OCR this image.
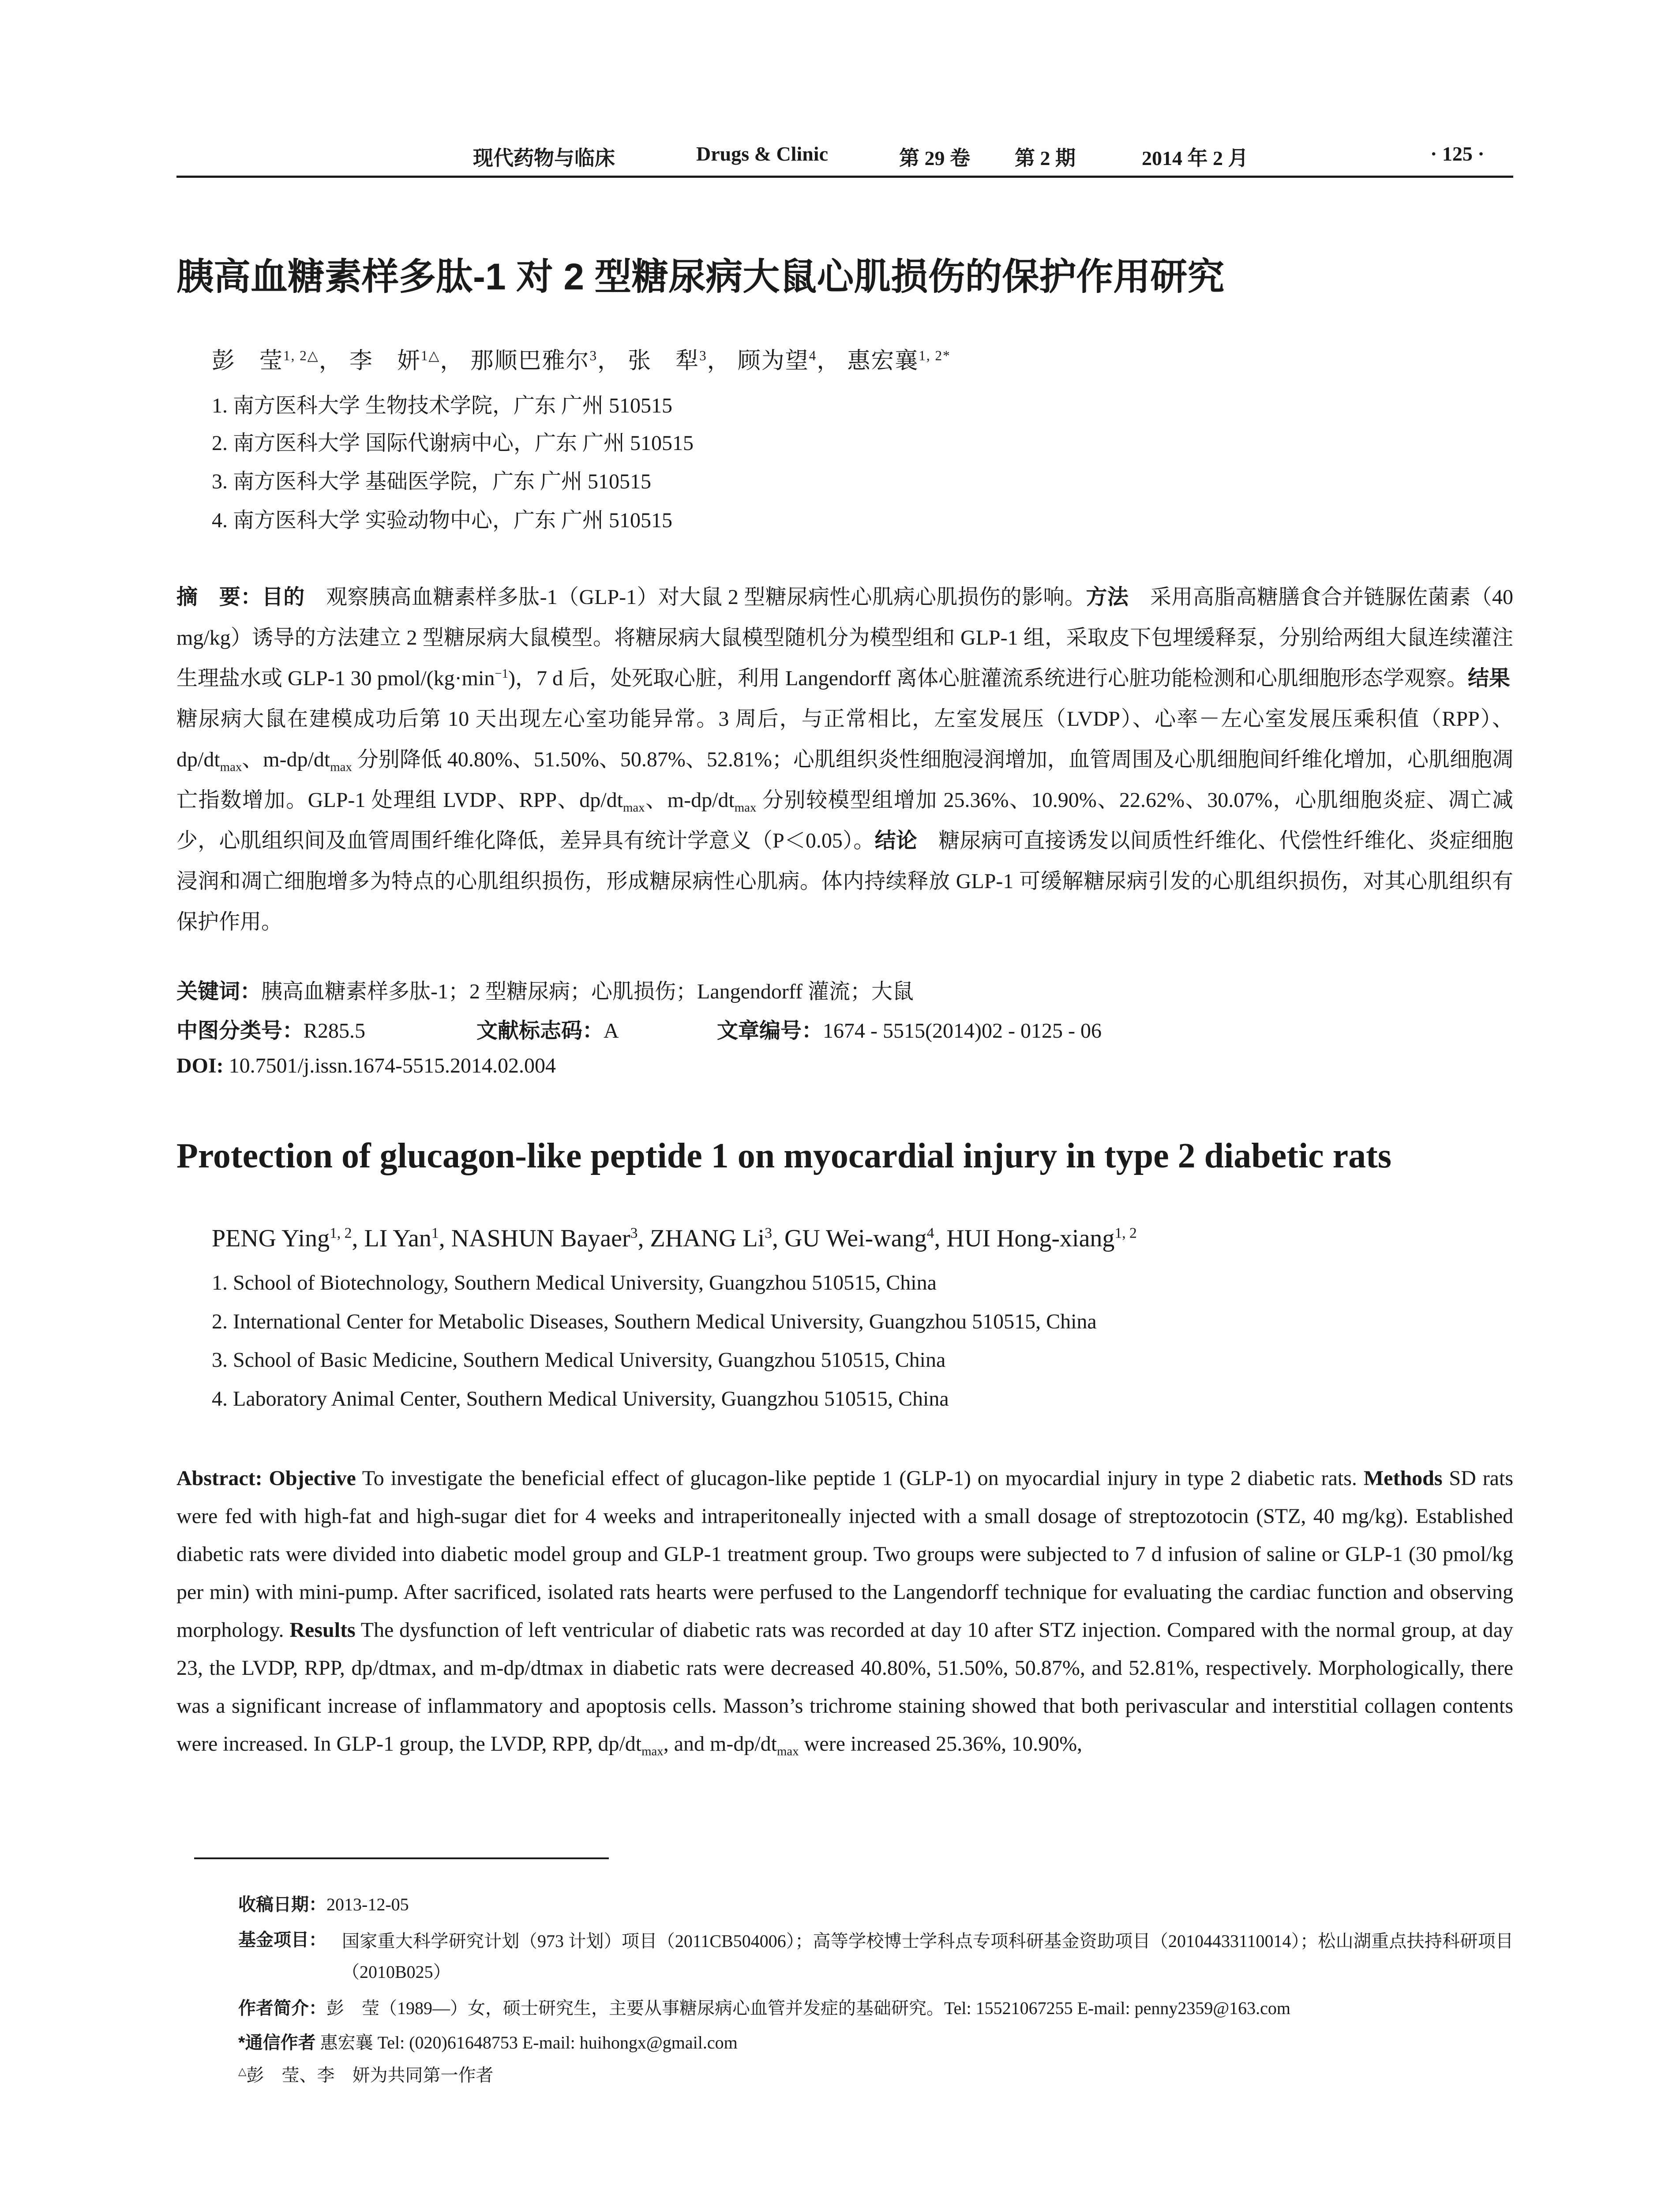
现代药物与临床	Drugs & Clinic	第 29 卷 第 2 期	2014 年 2 月	· 125 ·
胰高血糖素样多肽-1 对 2 型糖尿病大鼠心肌损伤的保护作用研究
彭　莹$^{1, 2\triangle}$， 李　妍$^{1\triangle}$， 那顺巴雅尔$^3$， 张　犁$^3$， 顾为望$^4$， 惠宏襄$^{1, 2*}$
1. 南方医科大学 生物技术学院，广东 广州 510515
2. 南方医科大学 国际代谢病中心，广东 广州 510515
3. 南方医科大学 基础医学院，广东 广州 510515
4. 南方医科大学 实验动物中心，广东 广州 510515
摘　要：目的　观察胰高血糖素样多肽-1（GLP-1）对大鼠 2 型糖尿病性心肌病心肌损伤的影响。方法　采用高脂高糖膳食合并链脲佐菌素（40 mg/kg）诱导的方法建立 2 型糖尿病大鼠模型。将糖尿病大鼠模型随机分为模型组和 GLP-1 组，采取皮下包埋缓释泵，分别给两组大鼠连续灌注生理盐水或 GLP-1 30 pmol/$(kg\cdot\min^{-1})$，7 d 后，处死取心脏，利用 Langendorff 离体心脏灌流系统进行心脏功能检测和心肌细胞形态学观察。结果　糖尿病大鼠在建模成功后第 10 天出现左心室功能异常。3 周后，与正常相比，左室发展压（LVDP）、心率－左心室发展压乘积值（RPP）、$dp/dt_{max}$、$m-dp/dt_{max}$ 分别降低 40.80%、51.50%、50.87%、52.81%；心肌组织炎性细胞浸润增加，血管周围及心肌细胞间纤维化增加，心肌细胞凋亡指数增加。GLP-1 处理组 LVDP、RPP、$dp/dt_{max}$、$m-dp/dt_{max}$ 分别较模型组增加 25.36%、10.90%、22.62%、30.07%，心肌细胞炎症、凋亡减少，心肌组织间及血管周围纤维化降低，差异具有统计学意义（P＜0.05）。结论　糖尿病可直接诱发以间质性纤维化、代偿性纤维化、炎症细胞浸润和凋亡细胞增多为特点的心肌组织损伤，形成糖尿病性心肌病。体内持续释放 GLP-1 可缓解糖尿病引发的心肌组织损伤，对其心肌组织有保护作用。
关键词：胰高血糖素样多肽-1；2 型糖尿病；心肌损伤；Langendorff 灌流；大鼠
中图分类号：R285.5	文献标志码：A	文章编号：1674 - 5515(2014)02 - 0125 - 06
DOI: 10.7501/j.issn.1674-5515.2014.02.004
Protection of glucagon-like peptide 1 on myocardial injury in type 2 diabetic rats
PENG Ying$^{1, 2}$, LI Yan$^1$, NASHUN Bayaer$^3$, ZHANG Li$^3$, GU Wei-wang$^4$, HUI Hong-xiang$^{1, 2}$
1. School of Biotechnology, Southern Medical University, Guangzhou 510515, China
2. International Center for Metabolic Diseases, Southern Medical University, Guangzhou 510515, China
3. School of Basic Medicine, Southern Medical University, Guangzhou 510515, China
4. Laboratory Animal Center, Southern Medical University, Guangzhou 510515, China
Abstract: Objective To investigate the beneficial effect of glucagon-like peptide 1 (GLP-1) on myocardial injury in type 2 diabetic rats. Methods SD rats were fed with high-fat and high-sugar diet for 4 weeks and intraperitoneally injected with a small dosage of streptozotocin (STZ, 40 mg/kg). Established diabetic rats were divided into diabetic model group and GLP-1 treatment group. Two groups were subjected to 7 d infusion of saline or GLP-1 (30 pmol/kg per min) with mini-pump. After sacrificed, isolated rats hearts were perfused to the Langendorff technique for evaluating the cardiac function and observing morphology. Results The dysfunction of left ventricular of diabetic rats was recorded at day 10 after STZ injection. Compared with the normal group, at day 23, the LVDP, RPP, dp/dtmax, and m-dp/dtmax in diabetic rats were decreased 40.80%, 51.50%, 50.87%, and 52.81%, respectively. Morphologically, there was a significant increase of inflammatory and apoptosis cells. Masson’s trichrome staining showed that both perivascular and interstitial collagen contents were increased. In GLP-1 group, the LVDP, RPP, $dp/dt_{max}$, and $m-dp/dt_{max}$ were increased 25.36%, 10.90%,
收稿日期：2013-12-05
基金项目： 国家重大科学研究计划（973 计划）项目（2011CB504006）；高等学校博士学科点专项科研基金资助项目（20104433110014）；松山湖重点扶持科研项目（2010B025）
作者简介：彭　莹（1989—）女，硕士研究生，主要从事糖尿病心血管并发症的基础研究。Tel: 15521067255 E-mail: penny2359@163.com
*通信作者 惠宏襄 Tel: (020)61648753 E-mail: huihongx@gmail.com
△彭　莹、李　妍为共同第一作者
